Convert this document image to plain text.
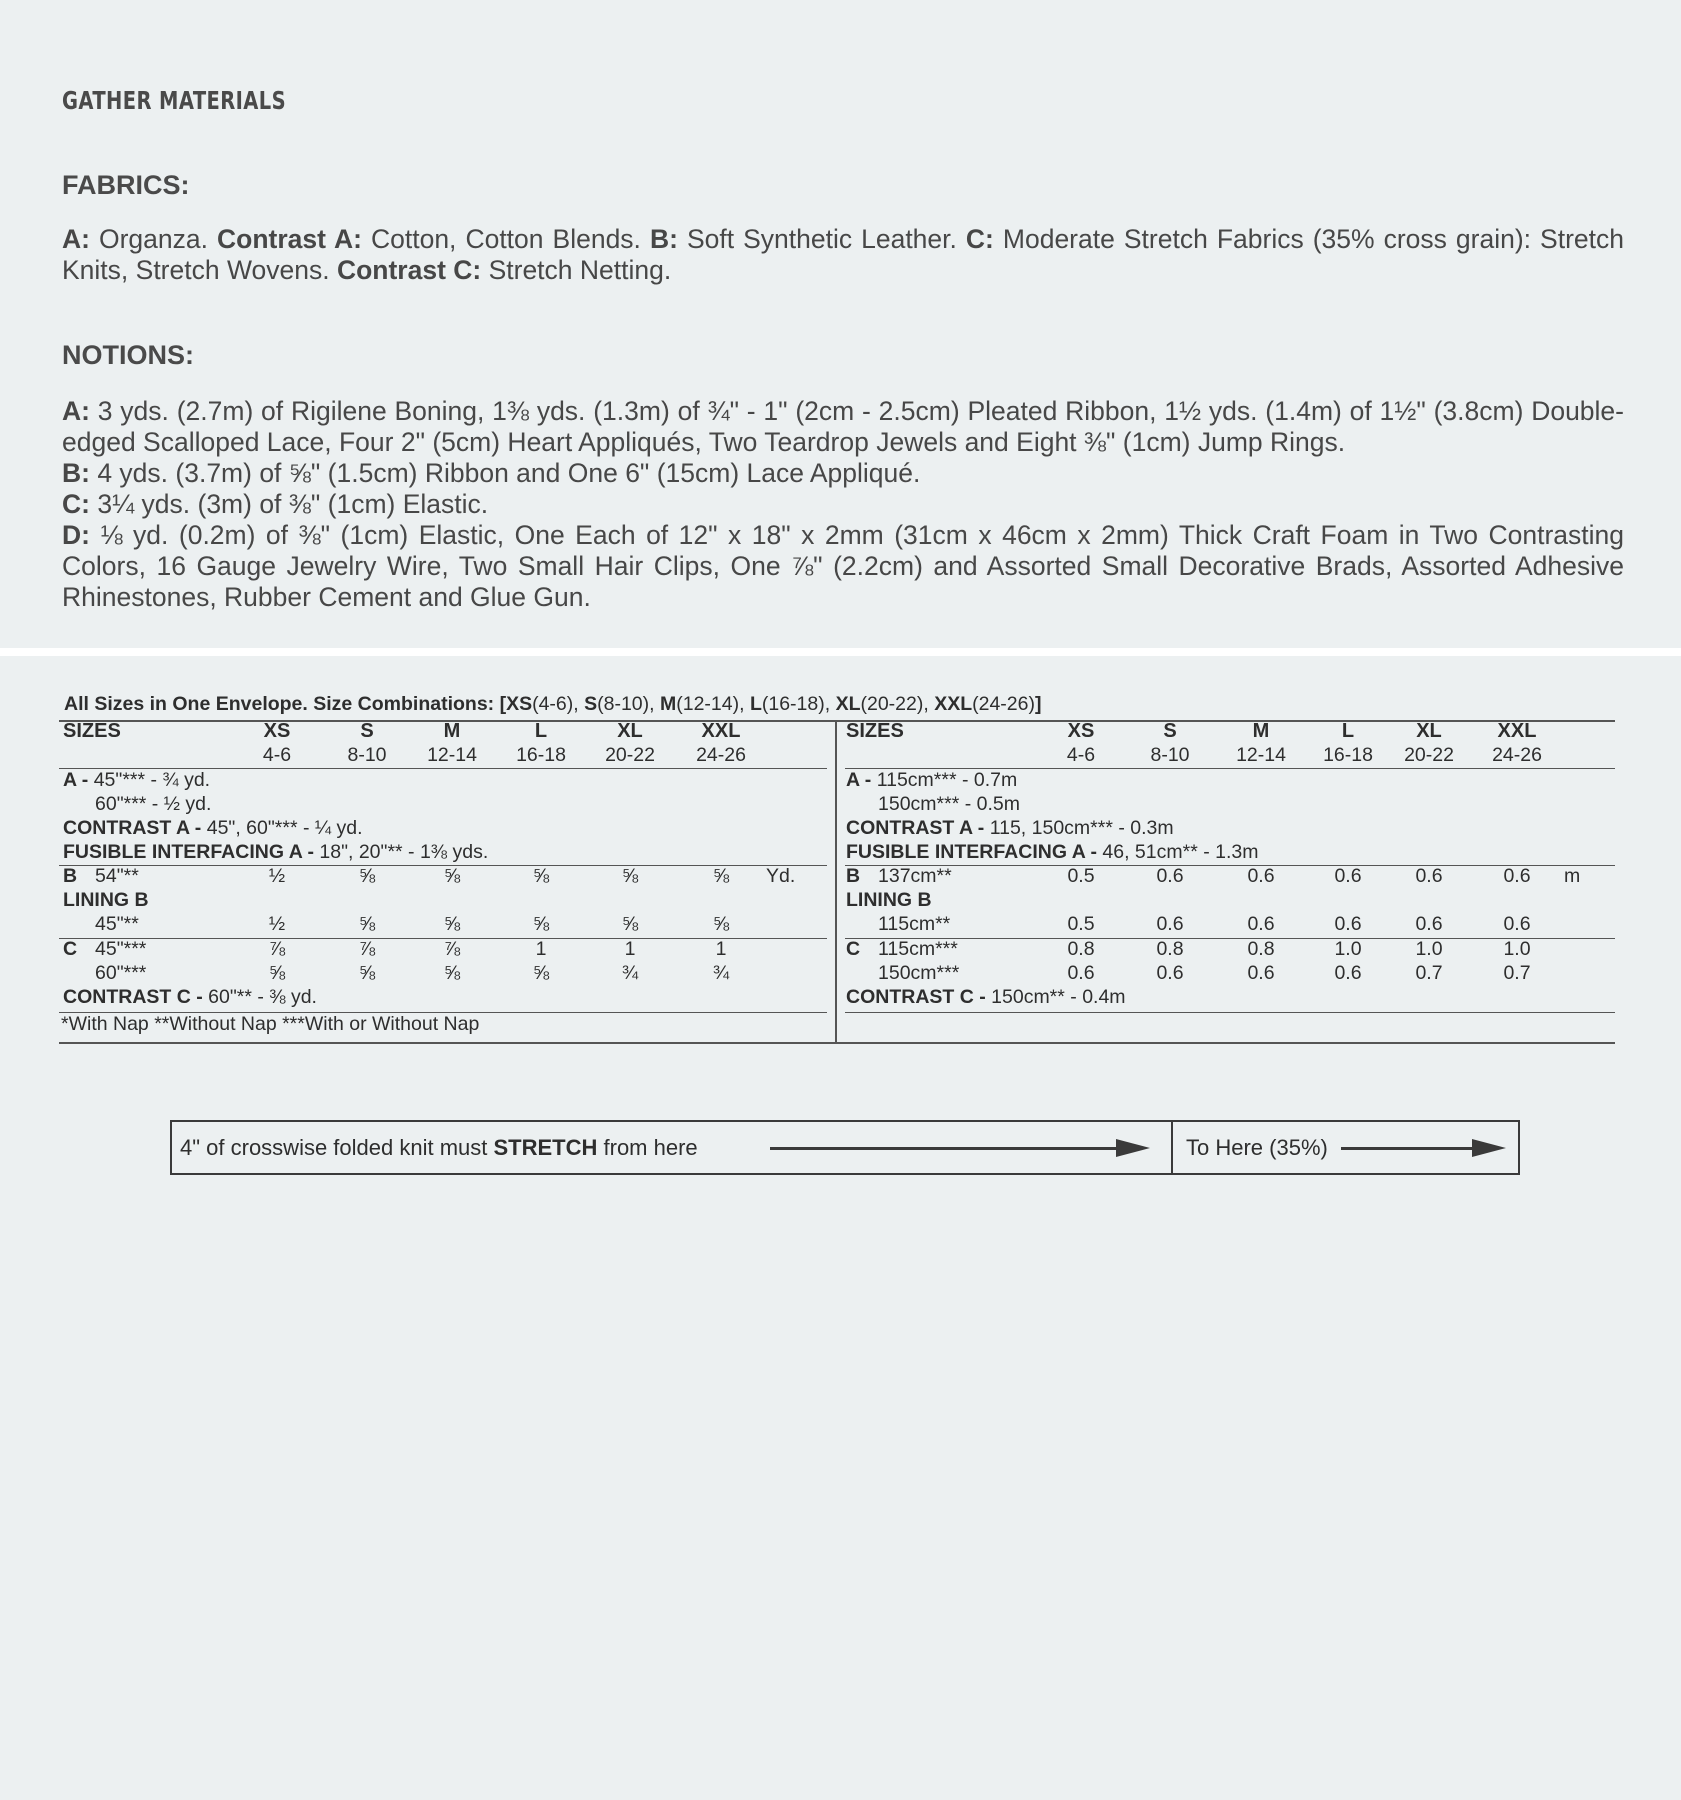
GATHER MATERIALS
FABRICS:
A: Organza. Contrast A: Cotton, Cotton Blends. B: Soft Synthetic Leather. C: Moderate Stretch Fabrics (35% cross grain): Stretch Knits, Stretch Wovens. Contrast C: Stretch Netting.
NOTIONS:

A: 3 yds. (2.7m) of Rigilene Boning, 1⅜ yds. (1.3m) of ¾" - 1" (2cm - 2.5cm) Pleated Ribbon, 1½ yds. (1.4m) of 1½" (3.8cm) Double-edged Scalloped Lace, Four 2" (5cm) Heart Appliqués, Two Teardrop Jewels and Eight ⅜" (1cm) Jump Rings.

B: 4 yds. (3.7m) of ⅝" (1.5cm) Ribbon and One 6" (15cm) Lace Appliqué.

C: 3¼ yds. (3m) of ⅜" (1cm) Elastic.

D: ⅛ yd. (0.2m) of ⅜" (1cm) Elastic, One Each of 12" x 18" x 2mm (31cm x 46cm x 2mm) Thick Craft Foam in Two Contrasting Colors, 16 Gauge Jewelry Wire, Two Small Hair Clips, One ⅞" (2.2cm) and Assorted Small Decorative Brads, Assorted Adhesive Rhinestones, Rubber Cement and Glue Gun.

All Sizes in One Envelope. Size Combinations: [XS(4-6), S(8-10), M(12-14), L(16-18), XL(20-22), XXL(24-26)]

SIZES	XS	S	M	L	XL	XXL
4-6	8-10 12-14 16-18 20-22 24-26
A - 45"*** - ¾ yd.
60"*** - ½ yd.
CONTRAST A - 45", 60"*** - ¼ yd.
FUSIBLE INTERFACING A - 18", 20"** - 1⅜ yds.
B 54"**	½	⅝	⅝	⅝	⅝	⅝ Yd.
LINING B
45"**	½	⅝	⅝	⅝	⅝	⅝
C 45"***	⅞	⅞	⅞	1	1	1
60"***	⅝	⅝	⅝	⅝	¾	¾
CONTRAST C - 60"** - ⅜ yd.
SIZES	XS	S	M	L	XL	XXL
4-6	8-10 12-14 16-18 20-22 24-26
A - 115cm*** - 0.7m
150cm*** - 0.5m
CONTRAST A - 115, 150cm*** - 0.3m
FUSIBLE INTERFACING A - 46, 51cm** - 1.3m
B 137cm**	0.5	0.6	0.6	0.6	0.6	0.6 m
LINING B
115cm**	0.5	0.6	0.6	0.6	0.6	0.6
C 115cm***	0.8	0.8	0.8	1.0	1.0	1.0
150cm***	0.6	0.6	0.6	0.6	0.7	0.7
CONTRAST C - 150cm** - 0.4m
*With Nap **Without Nap ***With or Without Nap
4" of crosswise folded knit must STRETCH from here	To Here (35%)
